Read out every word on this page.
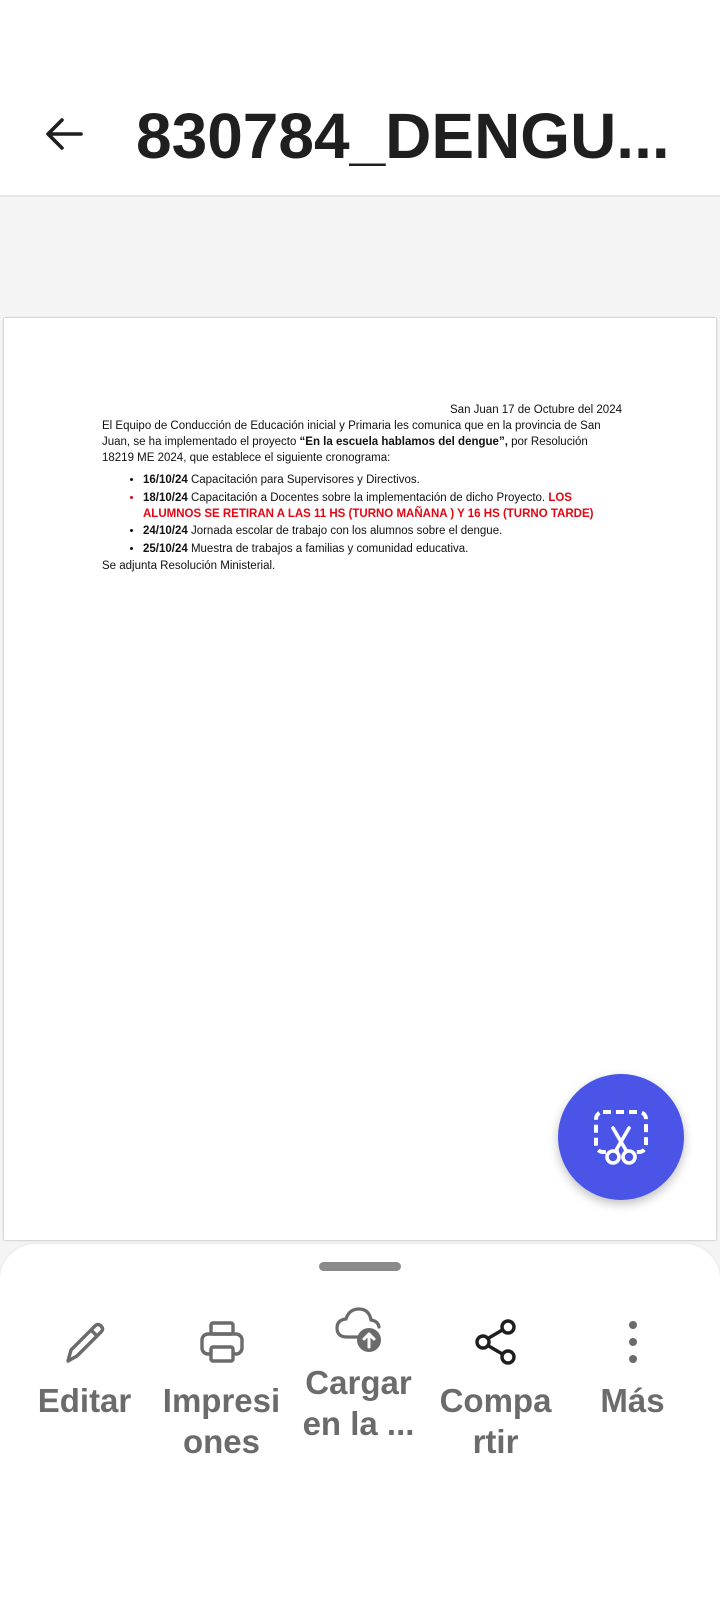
830784_DENGU...

San Juan 17 de Octubre del 2024

El Equipo de Conducción de Educación inicial y Primaria les comunica que en la provincia de San Juan, se ha implementado el proyecto “En la escuela hablamos del dengue”, por Resolución 18219 ME 2024, que establece el siguiente cronograma:

• 16/10/24 Capacitación para Supervisores y Directivos.
• 18/10/24 Capacitación a Docentes sobre la implementación de dicho Proyecto. LOS ALUMNOS SE RETIRAN A LAS 11 HS (TURNO MAÑANA ) Y 16 HS (TURNO TARDE)
• 24/10/24 Jornada escolar de trabajo con los alumnos sobre el dengue.
• 25/10/24 Muestra de trabajos a familias y comunidad educativa.

Se adjunta Resolución Ministerial.

Editar Impresi
ones
Cargar
en la ...
Compa
rtir
Más
